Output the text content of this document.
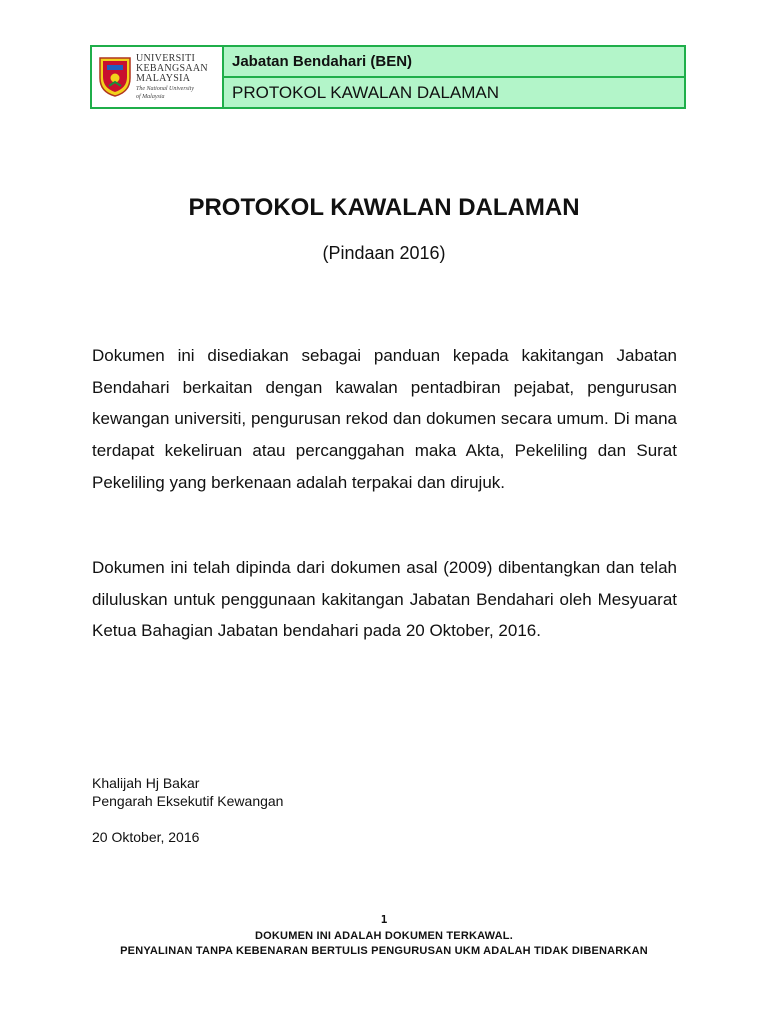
UNIVERSITI
KEBANGSAAN
MALAYSIA
The National University
of Malaysia
Jabatan Bendahari (BEN)
PROTOKOL KAWALAN DALAMAN
PROTOKOL KAWALAN DALAMAN
(Pindaan 2016)

Dokumen ini disediakan sebagai panduan kepada kakitangan Jabatan Bendahari berkaitan dengan kawalan pentadbiran pejabat, pengurusan kewangan universiti, pengurusan rekod dan dokumen secara umum. Di mana terdapat kekeliruan atau percanggahan maka Akta, Pekeliling dan Surat Pekeliling yang berkenaan adalah terpakai dan dirujuk.

Dokumen ini telah dipinda dari dokumen asal (2009) dibentangkan dan telah diluluskan untuk penggunaan kakitangan Jabatan Bendahari oleh Mesyuarat Ketua Bahagian Jabatan bendahari pada 20 Oktober, 2016.

Khalijah Hj Bakar
Pengarah Eksekutif Kewangan
20 Oktober, 2016
1
DOKUMEN INI ADALAH DOKUMEN TERKAWAL.
PENYALINAN TANPA KEBENARAN BERTULIS PENGURUSAN UKM ADALAH TIDAK DIBENARKAN
